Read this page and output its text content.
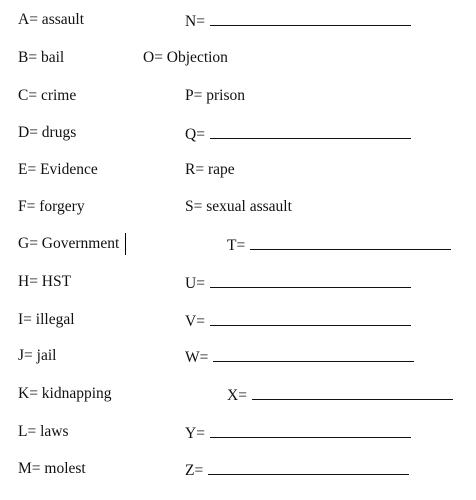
A= assault
B= bail
C= crime
D= drugs
E= Evidence
F= forgery
G= Government
H= HST
I= illegal
J= jail
K= kidnapping
L= laws
M= molest
N=
O= Objection
P= prison
Q=
R= rape
S= sexual assault
T=
U=
V=
W=
X=
Y=
Z=
